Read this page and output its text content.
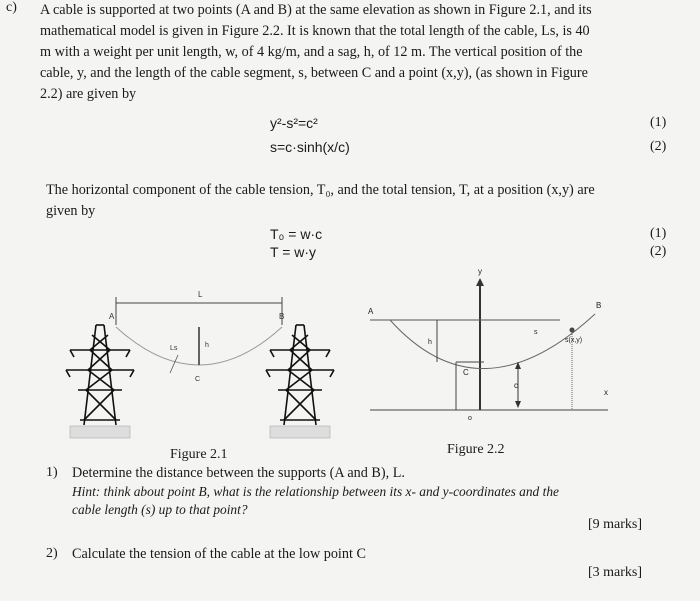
c) A cable is supported at two points (A and B) at the same elevation as shown in Figure 2.1, and its
mathematical model is given in Figure 2.2. It is known that the total length of the cable, Ls, is 40
m with a weight per unit length, w, of 4 kg/m, and a sag, h, of 12 m. The vertical position of the
cable, y, and the length of the cable segment, s, between C and a point (x,y), (as shown in Figure
2.2) are given by
y²-s²=c²	(1)
s=c·sinh(x/c)	(2)
The horizontal component of the cable tension, T₀, and the total tension, T, at a position (x,y) are
given by
T₀ = w·c	(1)
T = w·y	(2)
L
A	B
h
C
Ls
x
o
y
A
B
s
s(x,y)
h
C
c
Figure 2.1	Figure 2.2
1) Determine the distance between the supports (A and B), L.
Hint: think about point B, what is the relationship between its x- and y-coordinates and the
cable length (s) up to that point?
[9 marks]
2) Calculate the tension of the cable at the low point C
[3 marks]
